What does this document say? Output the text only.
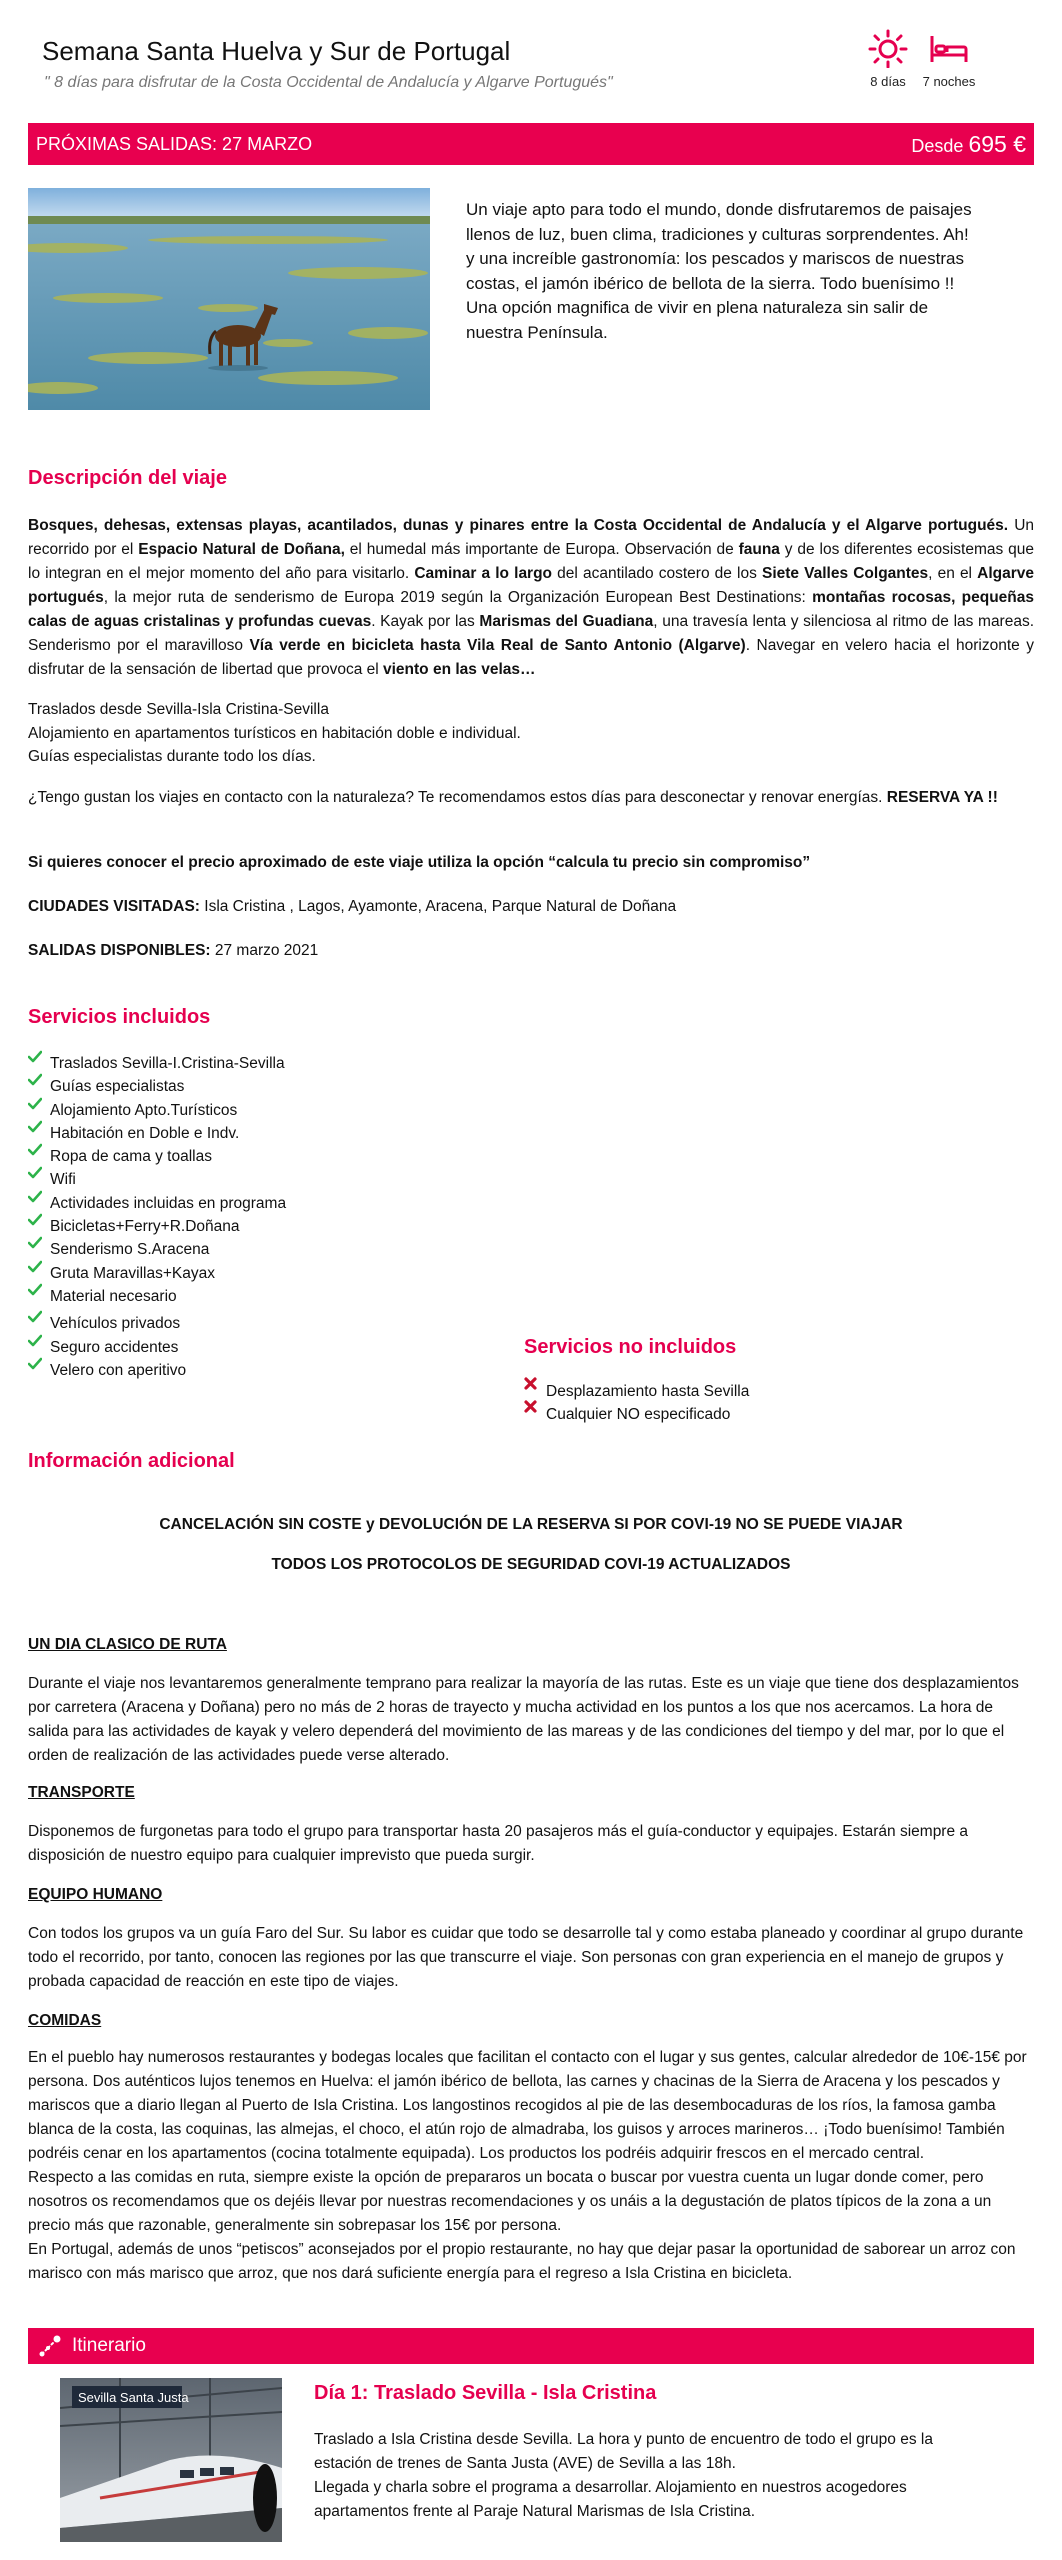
Semana Santa Huelva y Sur de Portugal
" 8 días para disfrutar de la Costa Occidental de Andalucía y Algarve Portugués"	8 días	7 noches
PRÓXIMAS SALIDAS: 27 MARZO	Desde 695 €
Un viaje apto para todo el mundo, donde disfrutaremos de paisajes
llenos de luz, buen clima, tradiciones y culturas sorprendentes. Ah!
y una increíble gastronomía: los pescados y mariscos de nuestras
costas, el jamón ibérico de bellota de la sierra. Todo buenísimo !!
Una opción magnifica de vivir en plena naturaleza sin salir de
nuestra Península.
Descripción del viaje
Bosques, dehesas, extensas playas, acantilados, dunas y pinares entre la Costa Occidental de Andalucía y el Algarve portugués. Un recorrido por el Espacio Natural de Doñana, el humedal más importante de Europa. Observación de fauna y de los diferentes ecosistemas que lo integran en el mejor momento del año para visitarlo. Caminar a lo largo del acantilado costero de los Siete Valles Colgantes, en el Algarve portugués, la mejor ruta de senderismo de Europa 2019 según la Organización European Best Destinations: montañas rocosas, pequeñas calas de aguas cristalinas y profundas cuevas. Kayak por las Marismas del Guadiana, una travesía lenta y silenciosa al ritmo de las mareas. Senderismo por el maravilloso Vía verde en bicicleta hasta Vila Real de Santo Antonio (Algarve). Navegar en velero hacia el horizonte y disfrutar de la sensación de libertad que provoca el viento en las velas…
Traslados desde Sevilla-Isla Cristina-Sevilla
Alojamiento en apartamentos turísticos en habitación doble e individual.
Guías especialistas durante todo los días.
¿Tengo gustan los viajes en contacto con la naturaleza? Te recomendamos estos días para desconectar y renovar energías. RESERVA YA !!
Si quieres conocer el precio aproximado de este viaje utiliza la opción “calcula tu precio sin compromiso”
CIUDADES VISITADAS: Isla Cristina , Lagos, Ayamonte, Aracena, Parque Natural de Doñana
SALIDAS DISPONIBLES: 27 marzo 2021
Servicios incluidos
Traslados Sevilla-I.Cristina-Sevilla
Guías especialistas
Alojamiento Apto.Turísticos
Habitación en Doble e Indv.
Ropa de cama y toallas
Wifi
Actividades incluidas en programa
Bicicletas+Ferry+R.Doñana
Senderismo S.Aracena
Gruta Maravillas+Kayax
Material necesario
Vehículos privados
Seguro accidentes
Velero con aperitivo
Servicios no incluidos
Desplazamiento hasta Sevilla
Cualquier NO especificado
Información adicional
CANCELACIÓN SIN COSTE y DEVOLUCIÓN DE LA RESERVA SI POR COVI-19 NO SE PUEDE VIAJAR
TODOS LOS PROTOCOLOS DE SEGURIDAD COVI-19 ACTUALIZADOS
UN DIA CLASICO DE RUTA
Durante el viaje nos levantaremos generalmente temprano para realizar la mayoría de las rutas. Este es un viaje que tiene dos desplazamientos por carretera (Aracena y Doñana) pero no más de 2 horas de trayecto y mucha actividad en los puntos a los que nos acercamos. La hora de salida para las actividades de kayak y velero dependerá del movimiento de las mareas y de las condiciones del tiempo y del mar, por lo que el orden de realización de las actividades puede verse alterado.
TRANSPORTE
Disponemos de furgonetas para todo el grupo para transportar hasta 20 pasajeros más el guía-conductor y equipajes. Estarán siempre a disposición de nuestro equipo para cualquier imprevisto que pueda surgir.
EQUIPO HUMANO
Con todos los grupos va un guía Faro del Sur. Su labor es cuidar que todo se desarrolle tal y como estaba planeado y coordinar al grupo durante todo el recorrido, por tanto, conocen las regiones por las que transcurre el viaje. Son personas con gran experiencia en el manejo de grupos y probada capacidad de reacción en este tipo de viajes.
COMIDAS
En el pueblo hay numerosos restaurantes y bodegas locales que facilitan el contacto con el lugar y sus gentes, calcular alrededor de 10€-15€ por persona. Dos auténticos lujos tenemos en Huelva: el jamón ibérico de bellota, las carnes y chacinas de la Sierra de Aracena y los pescados y mariscos que a diario llegan al Puerto de Isla Cristina. Los langostinos recogidos al pie de las desembocaduras de los ríos, la famosa gamba blanca de la costa, las coquinas, las almejas, el choco, el atún rojo de almadraba, los guisos y arroces marineros… ¡Todo buenísimo! También podréis cenar en los apartamentos (cocina totalmente equipada). Los productos los podréis adquirir frescos en el mercado central.
Respecto a las comidas en ruta, siempre existe la opción de prepararos un bocata o buscar por vuestra cuenta un lugar donde comer, pero nosotros os recomendamos que os dejéis llevar por nuestras recomendaciones y os unáis a la degustación de platos típicos de la zona a un precio más que razonable, generalmente sin sobrepasar los 15€ por persona.
En Portugal, además de unos “petiscos” aconsejados por el propio restaurante, no hay que dejar pasar la oportunidad de saborear un arroz con marisco con más marisco que arroz, que nos dará suficiente energía para el regreso a Isla Cristina en bicicleta.
Itinerario
Sevilla Santa Justa	Día 1: Traslado Sevilla - Isla Cristina
Traslado a Isla Cristina desde Sevilla. La hora y punto de encuentro de todo el grupo es la
estación de trenes de Santa Justa (AVE) de Sevilla a las 18h.
Llegada y charla sobre el programa a desarrollar. Alojamiento en nuestros acogedores
apartamentos frente al Paraje Natural Marismas de Isla Cristina.
